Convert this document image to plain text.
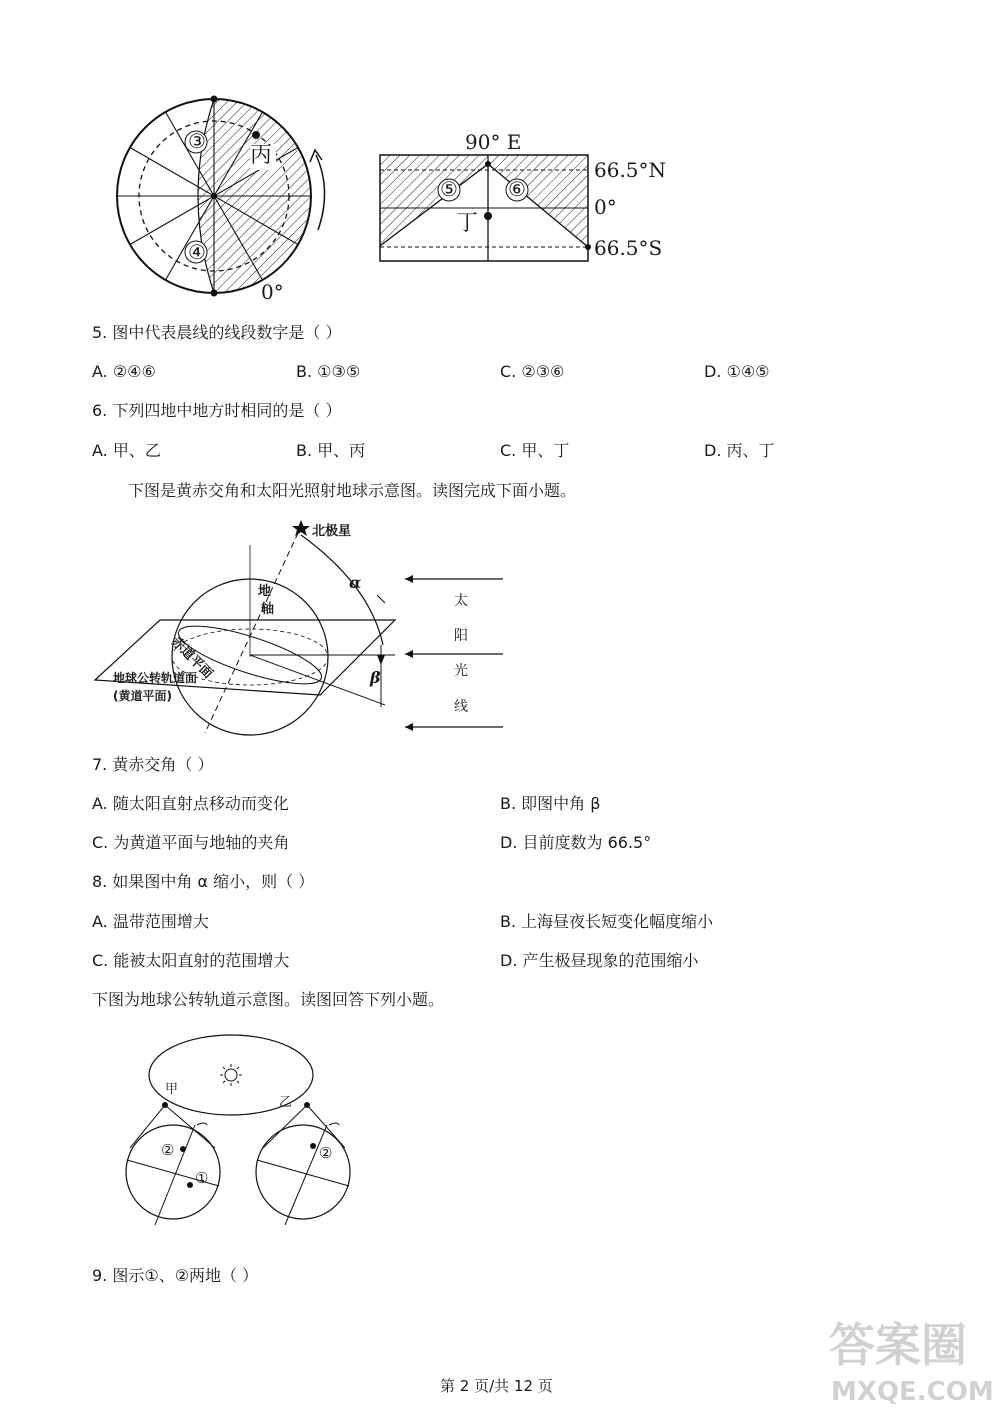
③
④
丙
0°
90° E
66.5°N
0°
66.5°S
⑤	⑥
丁
5. 图中代表晨线的线段数字是（ ）
A. ②④⑥	B. ①③⑤	C. ②③⑥	D. ①④⑤
6. 下列四地中地方时相同的是（ ）
A. 甲、乙	B. 甲、丙	C. 甲、丁	D. 丙、丁
下图是黄赤交角和太阳光照射地球示意图。读图完成下面小题。
北极星
地
轴
赤道平面
地球公转轨道面
(黄道平面)
α
β
太
阳
光
线
7. 黄赤交角（ ）
A. 随太阳直射点移动而变化	B. 即图中角 β
C. 为黄道平面与地轴的夹角	D. 目前度数为 66.5°
8. 如果图中角 α 缩小，则（ ）
A. 温带范围增大	B. 上海昼夜长短变化幅度缩小
C. 能被太阳直射的范围增大	D. 产生极昼现象的范围缩小
下图为地球公转轨道示意图。读图回答下列小题。
甲
乙
②
①
②
9. 图示①、②两地（ ）
第 2 页/共 12 页
答案圈
MXQE.COM
